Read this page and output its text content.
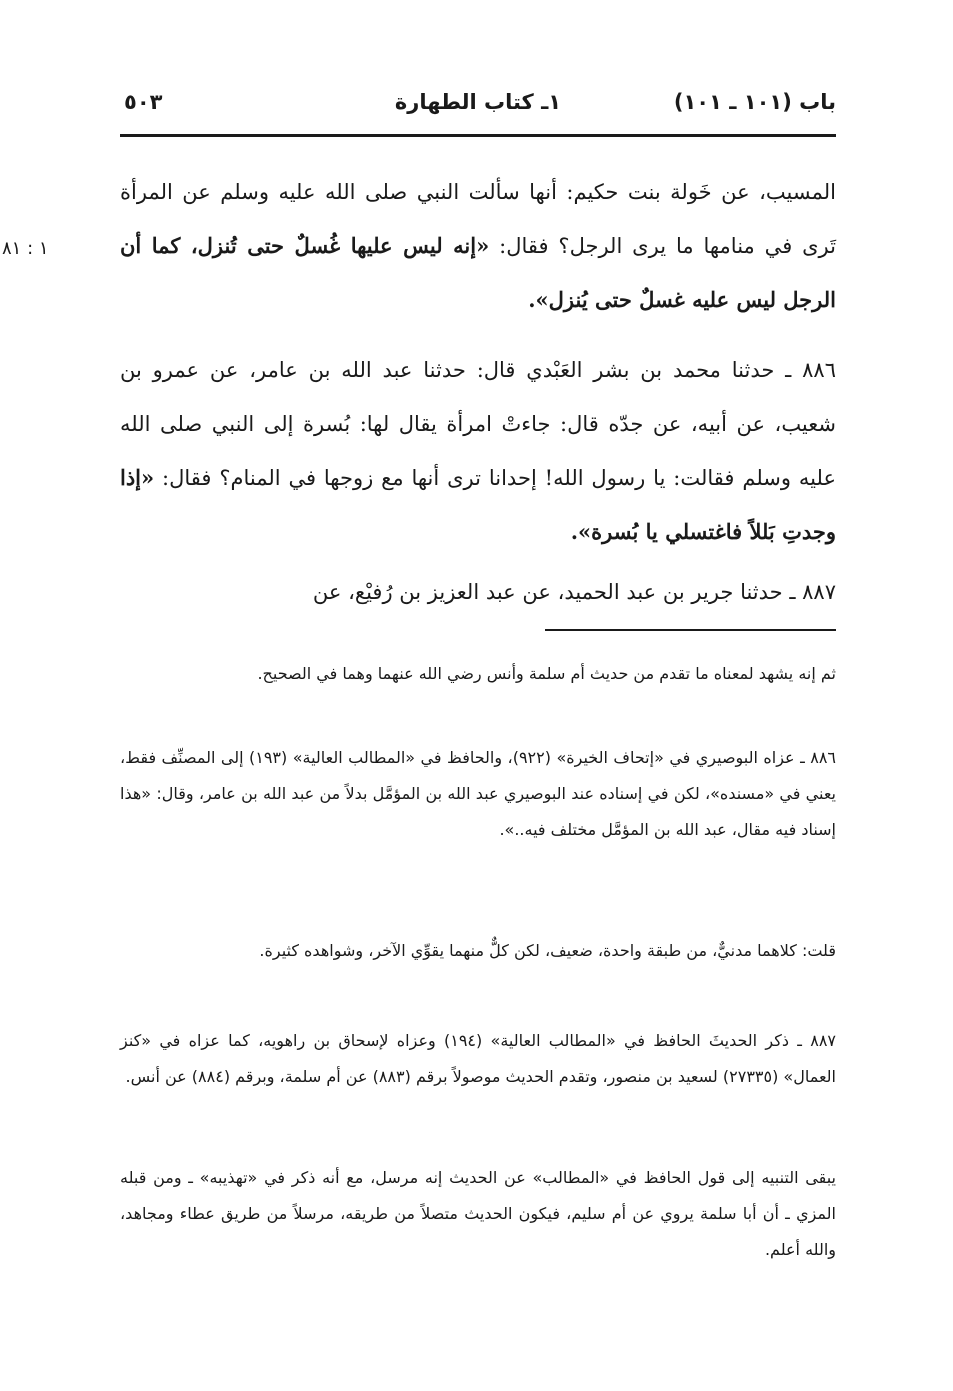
باب (١٠١ ـ ١٠١)
١ـ كتاب الطهارة
٥٠٣
١ : ٨١

المسيب، عن خَولة بنت حكيم: أنها سألت النبي صلى الله عليه وسلم عن المرأة تَرى في منامها ما يرى الرجل؟ فقال: «إنه ليس عليها غُسلٌ حتى تُنزل، كما أن الرجل ليس عليه غسلٌ حتى يُنزل».

٨٨٦ ـ حدثنا محمد بن بشر العَبْدي قال: حدثنا عبد الله بن عامر، عن عمرو بن شعيب، عن أبيه، عن جدّه قال: جاءتْ امرأة يقال لها: بُسرة إلى النبي صلى الله عليه وسلم فقالت: يا رسول الله! إحدانا ترى أنها مع زوجها في المنام؟ فقال: «إذا وجدتِ بَللاً فاغتسلي يا بُسرة».

٨٨٧ ـ حدثنا جرير بن عبد الحميد، عن عبد العزيز بن رُفيْع، عن

ثم إنه يشهد لمعناه ما تقدم من حديث أم سلمة وأنس رضي الله عنهما وهما في الصحيح.

٨٨٦ ـ عزاه البوصيري في «إتحاف الخيرة» (٩٢٢)، والحافظ في «المطالب العالية» (١٩٣) إلى المصنِّف فقط، يعني في «مسنده»، لكن في إسناده عند البوصيري عبد الله بن المؤمَّل بدلاً من عبد الله بن عامر، وقال: «هذا إسناد فيه مقال، عبد الله بن المؤمَّل مختلف فيه..».

قلت: كلاهما مدنيٌّ، من طبقة واحدة، ضعيف، لكن كلٌّ منهما يقوِّي الآخر، وشواهده كثيرة.

٨٨٧ ـ ذكر الحديثَ الحافظ في «المطالب العالية» (١٩٤) وعزاه لإسحاق بن راهويه، كما عزاه في «كنز العمال» (٢٧٣٣٥) لسعيد بن منصور، وتقدم الحديث موصولاً برقم (٨٨٣) عن أم سلمة، وبرقم (٨٨٤) عن أنس.

يبقى التنبيه إلى قول الحافظ في «المطالب» عن الحديث إنه مرسل، مع أنه ذكر في «تهذيبه» ـ ومن قبله المزي ـ أن أبا سلمة يروي عن أم سليم، فيكون الحديث متصلاً من طريقه، مرسلاً من طريق عطاء ومجاهد، والله أعلم.
